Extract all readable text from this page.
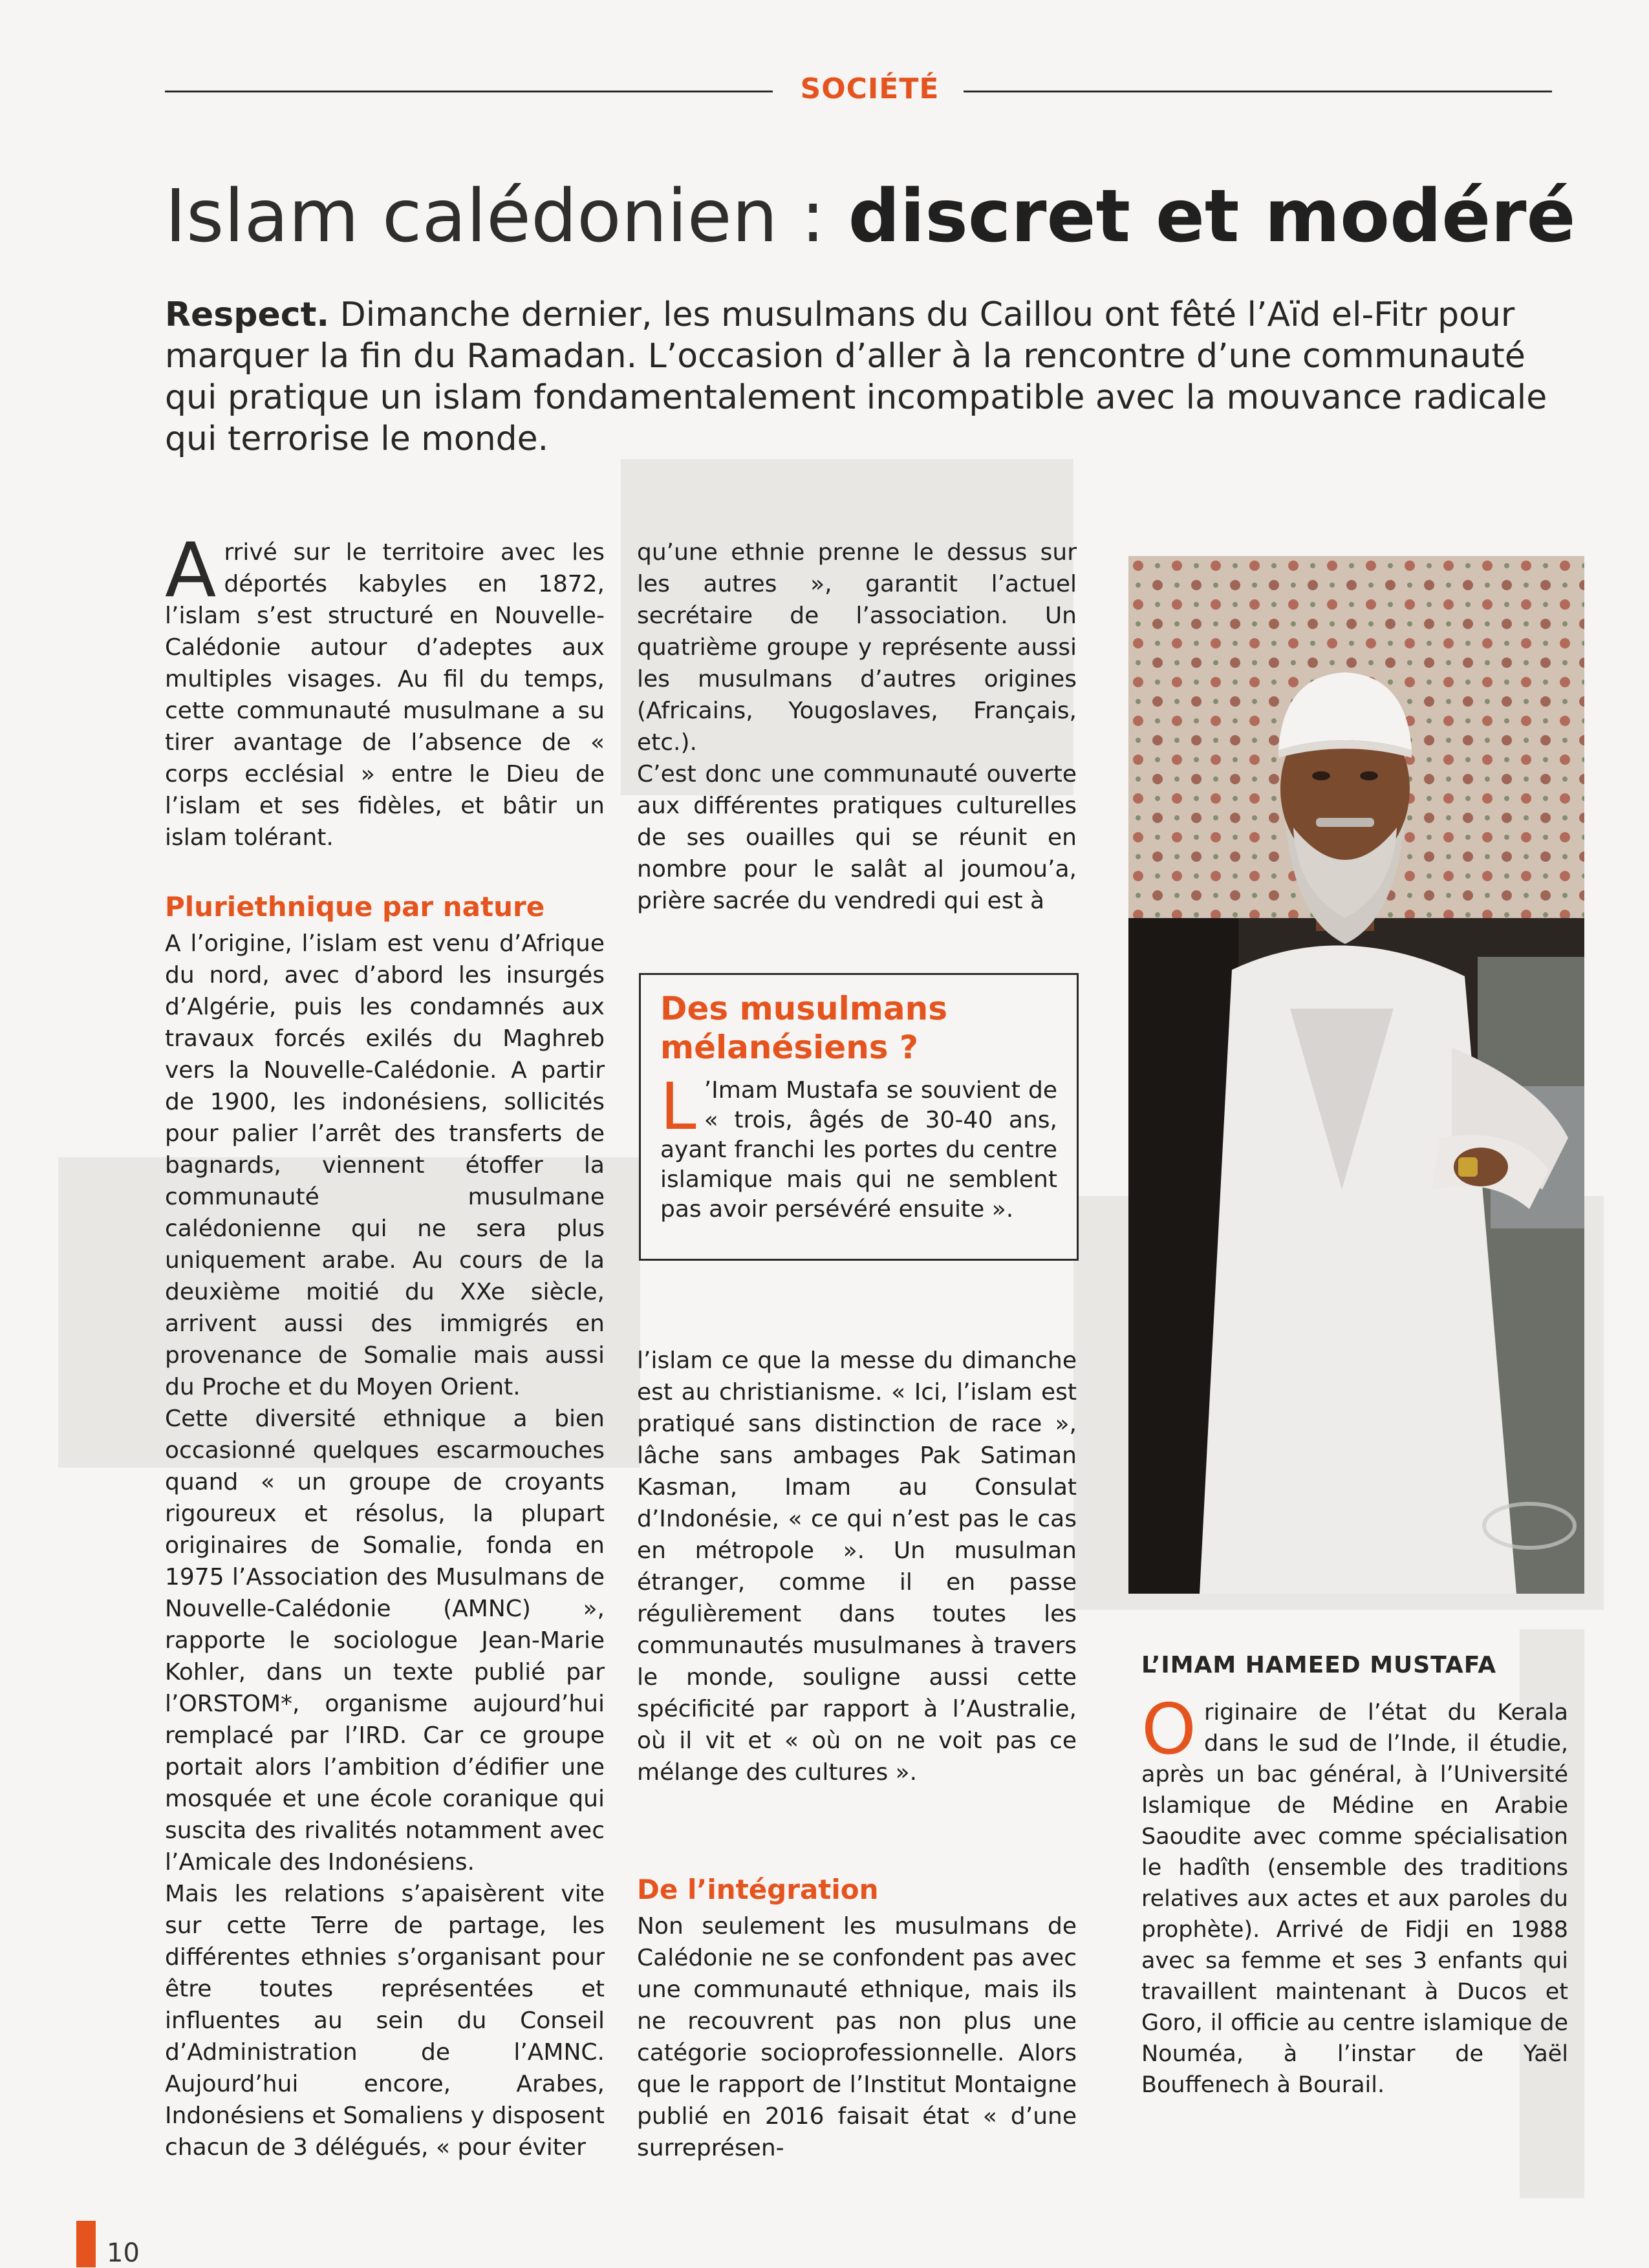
SOCIÉTÉ
Islam calédonien : discret et modéré
Respect. Dimanche dernier, les musulmans du Caillou ont fêté l’Aïd el-Fitr pour marquer la fin du Ramadan. L’occasion d’aller à la rencontre d’une communauté qui pratique un islam fondamentalement incompatible avec la mouvance radicale qui terrorise le monde.

Arrivé sur le territoire avec les déportés kabyles en 1872, l’islam s’est structuré en Nouvelle-Calédonie autour d’adeptes aux multiples visages. Au fil du temps, cette communauté musulmane a su tirer avantage de l’absence de « corps ecclésial » entre le Dieu de l’islam et ses fidèles, et bâtir un islam tolérant.

Pluriethnique par nature

A l’origine, l’islam est venu d’Afrique du nord, avec d’abord les insurgés d’Algérie, puis les condamnés aux travaux forcés exilés du Maghreb vers la Nouvelle-Calédonie. A partir de 1900, les indonésiens, sollicités pour palier l’arrêt des transferts de bagnards, viennent étoffer la communauté musulmane calédonienne qui ne sera plus uniquement arabe. Au cours de la deuxième moitié du XXe siècle, arrivent aussi des immigrés en provenance de Somalie mais aussi du Proche et du Moyen Orient.

Cette diversité ethnique a bien occasionné quelques escarmouches quand « un groupe de croyants rigoureux et résolus, la plupart originaires de Somalie, fonda en 1975 l’Association des Musulmans de Nouvelle-Calédonie (AMNC) », rapporte le sociologue Jean-Marie Kohler, dans un texte publié par l’ORSTOM*, organisme aujourd’hui remplacé par l’IRD. Car ce groupe portait alors l’ambition d’édifier une mosquée et une école coranique qui suscita des rivalités notamment avec l’Amicale des Indonésiens.

Mais les relations s’apaisèrent vite sur cette Terre de partage, les différentes ethnies s’organisant pour être toutes représentées et influentes au sein du Conseil d’Administration de l’AMNC. Aujourd’hui encore, Arabes, Indonésiens et Somaliens y disposent chacun de 3 délégués, « pour éviter

qu’une ethnie prenne le dessus sur les autres », garantit l’actuel secrétaire de l’association. Un quatrième groupe y représente aussi les musulmans d’autres origines (Africains, Yougoslaves, Français, etc.).

C’est donc une communauté ouverte aux différentes pratiques culturelles de ses ouailles qui se réunit en nombre pour le salât al joumou’a, prière sacrée du vendredi qui est à

Des musulmans mélanésiens ?
L ’Imam Mustafa se souvient de « trois, âgés de 30-40 ans, ayant franchi les portes du centre islamique mais qui ne semblent pas avoir persévéré ensuite ».

l’islam ce que la messe du dimanche est au christianisme. « Ici, l’islam est pratiqué sans distinction de race », lâche sans ambages Pak Satiman Kasman, Imam au Consulat d’Indonésie, « ce qui n’est pas le cas en métropole ». Un musulman étranger, comme il en passe régulièrement dans toutes les communautés musulmanes à travers le monde, souligne aussi cette spécificité par rapport à l’Australie, où il vit et « où on ne voit pas ce mélange des cultures ».

De l’intégration

Non seulement les musulmans de Calédonie ne se confondent pas avec une communauté ethnique, mais ils ne recouvrent pas non plus une catégorie socioprofessionnelle. Alors que le rapport de l’Institut Montaigne publié en 2016 faisait état « d’une surreprésen-

L’IMAM HAMEED MUSTAFA
Originaire de l’état du Kerala dans le sud de l’Inde, il étudie, après un bac général, à l’Université Islamique de Médine en Arabie Saoudite avec comme spécialisation le hadîth (ensemble des traditions relatives aux actes et aux paroles du prophète). Arrivé de Fidji en 1988 avec sa femme et ses 3 enfants qui travaillent maintenant à Ducos et Goro, il officie au centre islamique de Nouméa, à l’instar de Yaël Bouffenech à Bourail.
10
